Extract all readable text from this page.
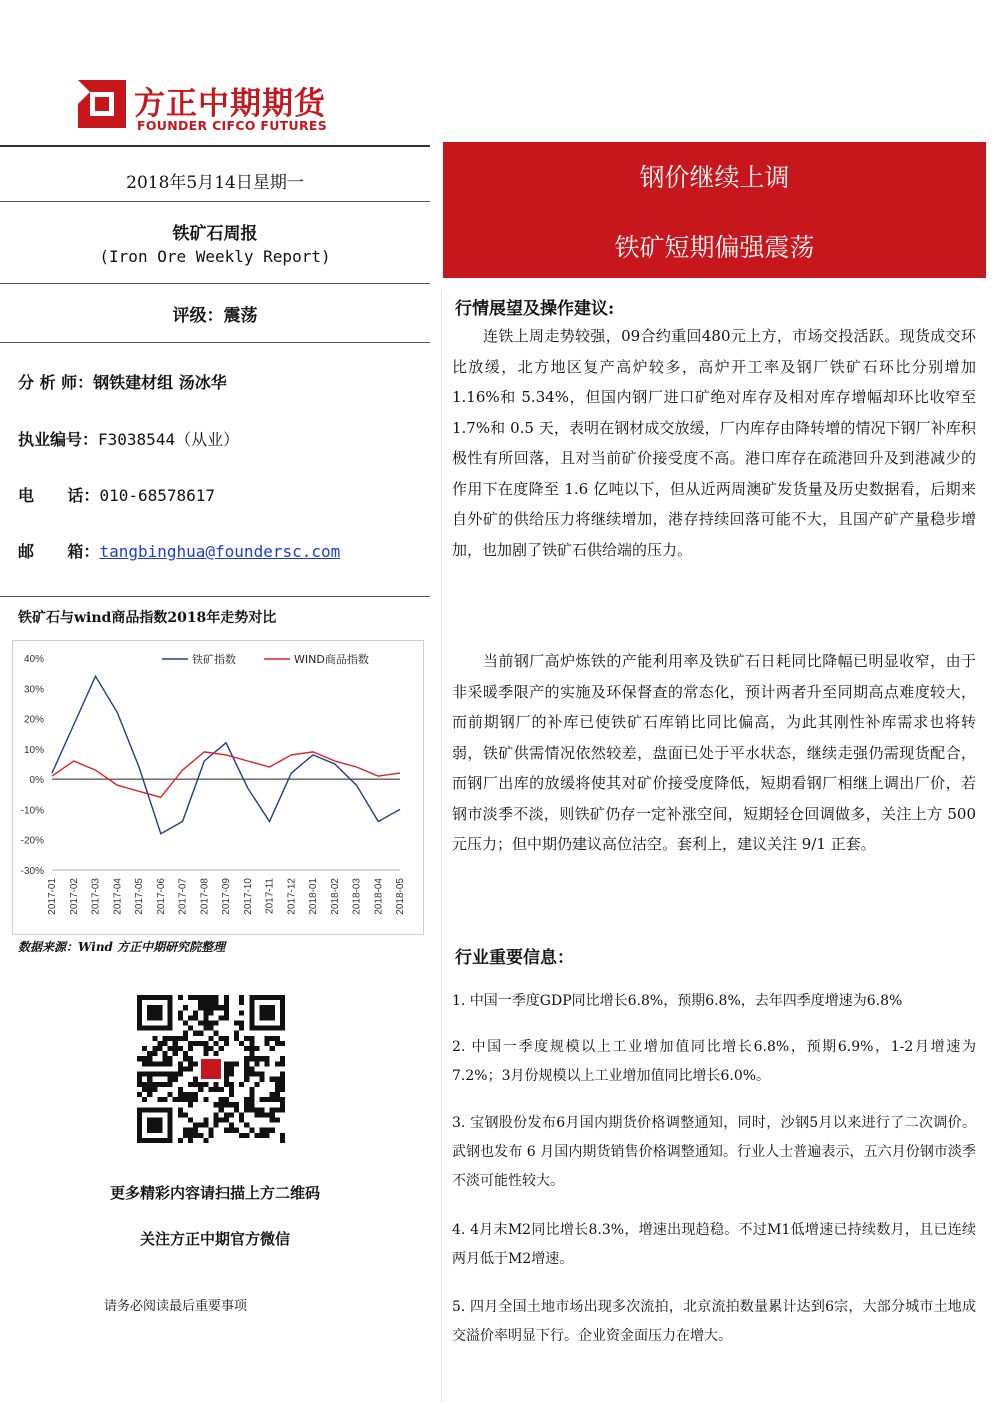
方正中期期货
FOUNDER CIFCO FUTURES
2018年5月14日星期一
铁矿石周报
(Iron Ore Weekly Report)
评级：震荡
分 析 师：钢铁建材组 汤冰华
执业编号：F3038544（从业）
电      话：010-68578617
邮      箱：tangbinghua@foundersc.com
铁矿石与wind商品指数2018年走势对比
40%
30%
20%
10%
0%
-10%
-20%
-30%
2017-01 2017-02 2017-03 2017-04 2017-05 2017-06 2017-07 2017-08 2017-09 2017-10 2017-11 2017-12 2018-01 2018-02 2018-03 2018-04 2018-05
铁矿指数	WIND商品指数
数据来源：Wind 方正中期研究院整理
更多精彩内容请扫描上方二维码
关注方正中期官方微信
请务必阅读最后重要事项
钢价继续上调
铁矿短期偏强震荡
行情展望及操作建议:

连铁上周走势较强，09合约重回480元上方，市场交投活跃。现货成交环比放缓，北方地区复产高炉较多，高炉开工率及钢厂铁矿石环比分别增加 1.16%和 5.34%，但国内钢厂进口矿绝对库存及相对库存增幅却环比收窄至 1.7%和 0.5 天，表明在钢材成交放缓，厂内库存由降转增的情况下钢厂补库积极性有所回落，且对当前矿价接受度不高。港口库存在疏港回升及到港减少的作用下在度降至 1.6 亿吨以下，但从近两周澳矿发货量及历史数据看，后期来自外矿的供给压力将继续增加，港存持续回落可能不大，且国产矿产量稳步增加，也加剧了铁矿石供给端的压力。

当前钢厂高炉炼铁的产能利用率及铁矿石日耗同比降幅已明显收窄，由于非采暖季限产的实施及环保督查的常态化，预计两者升至同期高点难度较大，而前期钢厂的补库已使铁矿石库销比同比偏高，为此其刚性补库需求也将转弱，铁矿供需情况依然较差，盘面已处于平水状态，继续走强仍需现货配合，而钢厂出库的放缓将使其对矿价接受度降低，短期看钢厂相继上调出厂价，若钢市淡季不淡，则铁矿仍存一定补涨空间，短期轻仓回调做多，关注上方 500 元压力；但中期仍建议高位沽空。套利上，建议关注 9/1 正套。

行业重要信息：
1. 中国一季度GDP同比增长6.8%，预期6.8%，去年四季度增速为6.8%
2. 中国一季度规模以上工业增加值同比增长6.8%，预期6.9%，1-2月增速为7.2%；3月份规模以上工业增加值同比增长6.0%。
3. 宝钢股份发布6月国内期货价格调整通知，同时，沙钢5月以来进行了二次调价。武钢也发布 6 月国内期货销售价格调整通知。行业人士普遍表示，五六月份钢市淡季不淡可能性较大。
4. 4月末M2同比增长8.3%，增速出现趋稳。不过M1低增速已持续数月，且已连续两月低于M2增速。
5. 四月全国土地市场出现多次流拍，北京流拍数量累计达到6宗，大部分城市土地成交溢价率明显下行。企业资金面压力在增大。
